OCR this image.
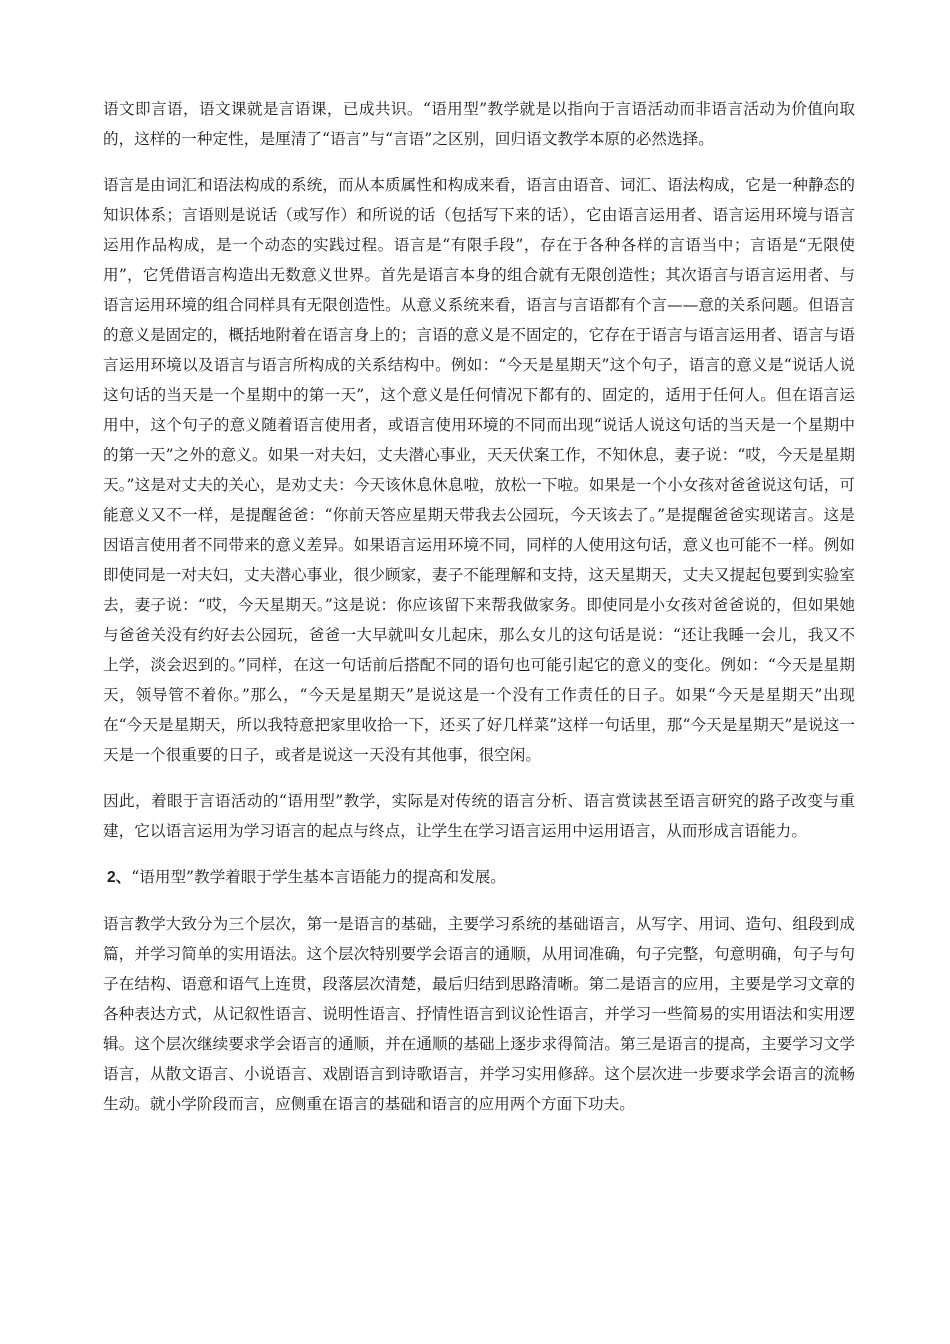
语文即言语，语文课就是言语课，已成共识。“语用型”教学就是以指向于言语活动而非语言活动为价值向取的，这样的一种定性，是厘清了“语言”与“言语”之区别，回归语文教学本原的必然选择。

语言是由词汇和语法构成的系统，而从本质属性和构成来看，语言由语音、词汇、语法构成，它是一种静态的知识体系；言语则是说话（或写作）和所说的话（包括写下来的话），它由语言运用者、语言运用环境与语言运用作品构成，是一个动态的实践过程。语言是“有限手段”，存在于各种各样的言语当中；言语是“无限使用”，它凭借语言构造出无数意义世界。首先是语言本身的组合就有无限创造性；其次语言与语言运用者、与语言运用环境的组合同样具有无限创造性。从意义系统来看，语言与言语都有个言——意的关系问题。但语言的意义是固定的，概括地附着在语言身上的；言语的意义是不固定的，它存在于语言与语言运用者、语言与语言运用环境以及语言与语言所构成的关系结构中。例如：“今天是星期天”这个句子，语言的意义是“说话人说这句话的当天是一个星期中的第一天”，这个意义是任何情况下都有的、固定的，适用于任何人。但在语言运用中，这个句子的意义随着语言使用者，或语言使用环境的不同而出现“说话人说这句话的当天是一个星期中的第一天”之外的意义。如果一对夫妇，丈夫潜心事业，天天伏案工作，不知休息，妻子说：“哎，今天是星期天。”这是对丈夫的关心，是劝丈夫：今天该休息休息啦，放松一下啦。如果是一个小女孩对爸爸说这句话，可能意义又不一样，是提醒爸爸：“你前天答应星期天带我去公园玩，今天该去了。”是提醒爸爸实现诺言。这是因语言使用者不同带来的意义差异。如果语言运用环境不同，同样的人使用这句话，意义也可能不一样。例如即使同是一对夫妇，丈夫潜心事业，很少顾家，妻子不能理解和支持，这天星期天，丈夫又提起包要到实验室去，妻子说：“哎，今天星期天。”这是说：你应该留下来帮我做家务。即使同是小女孩对爸爸说的，但如果她与爸爸关没有约好去公园玩，爸爸一大早就叫女儿起床，那么女儿的这句话是说：“还让我睡一会儿，我又不上学，淡会迟到的。”同样，在这一句话前后搭配不同的语句也可能引起它的意义的变化。例如：“今天是星期天，领导管不着你。”那么，“今天是星期天”是说这是一个没有工作责任的日子。如果“今天是星期天”出现在“今天是星期天，所以我特意把家里收拾一下，还买了好几样菜”这样一句话里，那“今天是星期天”是说这一天是一个很重要的日子，或者是说这一天没有其他事，很空闲。

因此，着眼于言语活动的“语用型”教学，实际是对传统的语言分析、语言赏读甚至语言研究的路子改变与重建，它以语言运用为学习语言的起点与终点，让学生在学习语言运用中运用语言，从而形成言语能力。

2、“语用型”教学着眼于学生基本言语能力的提高和发展。

语言教学大致分为三个层次，第一是语言的基础，主要学习系统的基础语言，从写字、用词、造句、组段到成篇，并学习简单的实用语法。这个层次特别要学会语言的通顺，从用词准确，句子完整，句意明确，句子与句子在结构、语意和语气上连贯，段落层次清楚，最后归结到思路清晰。第二是语言的应用，主要是学习文章的各种表达方式，从记叙性语言、说明性语言、抒情性语言到议论性语言，并学习一些简易的实用语法和实用逻辑。这个层次继续要求学会语言的通顺，并在通顺的基础上逐步求得简洁。第三是语言的提高，主要学习文学语言，从散文语言、小说语言、戏剧语言到诗歌语言，并学习实用修辞。这个层次进一步要求学会语言的流畅生动。就小学阶段而言，应侧重在语言的基础和语言的应用两个方面下功夫。
